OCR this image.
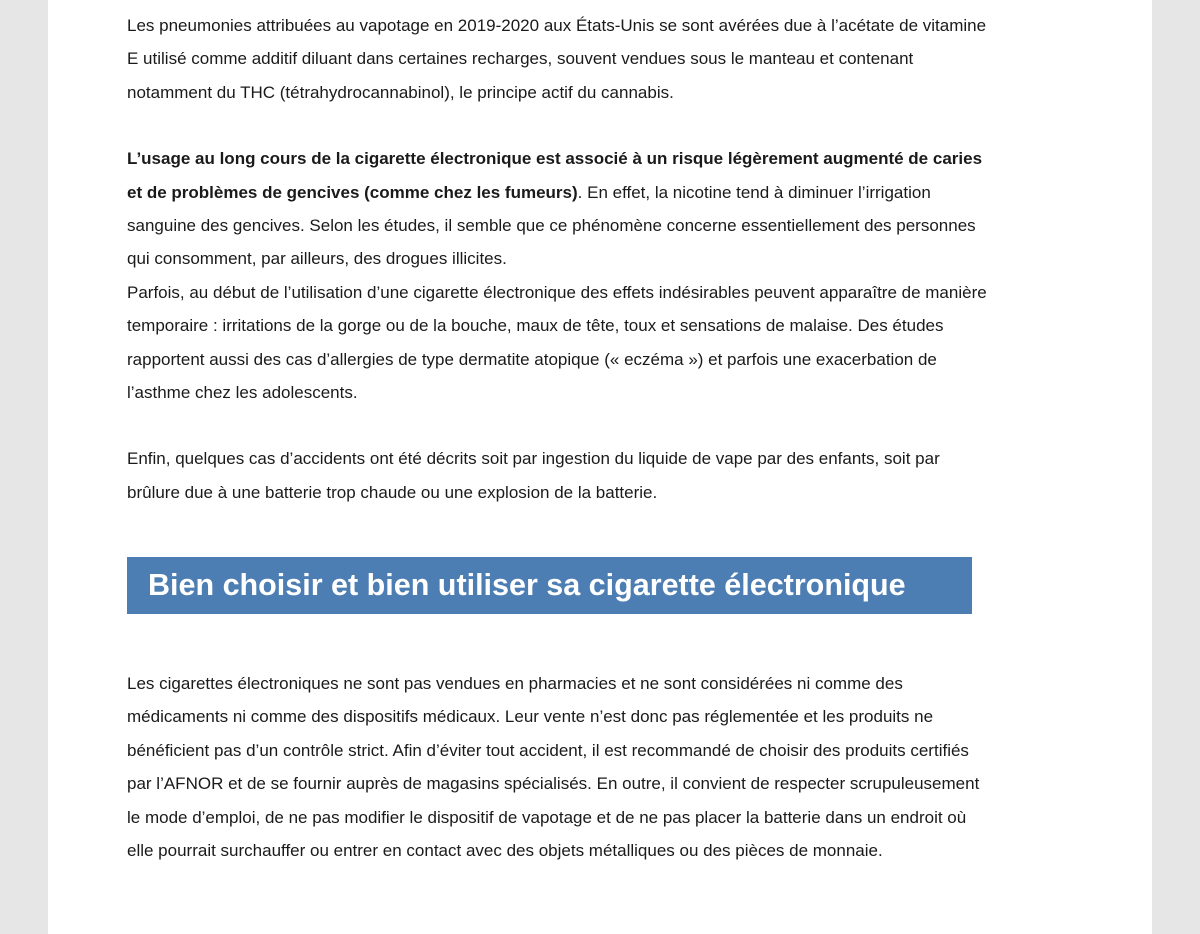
Les pneumonies attribuées au vapotage en 2019-2020 aux États-Unis se sont avérées due à l’acétate de vitamine E utilisé comme additif diluant dans certaines recharges, souvent vendues sous le manteau et contenant notamment du THC (tétrahydrocannabinol), le principe actif du cannabis.

L’usage au long cours de la cigarette électronique est associé à un risque légèrement augmenté de caries et de problèmes de gencives (comme chez les fumeurs). En effet, la nicotine tend à diminuer l’irrigation sanguine des gencives. Selon les études, il semble que ce phénomène concerne essentiellement des personnes qui consomment, par ailleurs, des drogues illicites.

Parfois, au début de l’utilisation d’une cigarette électronique des effets indésirables peuvent apparaître de manière temporaire : irritations de la gorge ou de la bouche, maux de tête, toux et sensations de malaise. Des études rapportent aussi des cas d’allergies de type dermatite atopique (« eczéma ») et parfois une exacerbation de l’asthme chez les adolescents.

Enfin, quelques cas d’accidents ont été décrits soit par ingestion du liquide de vape par des enfants, soit par brûlure due à une batterie trop chaude ou une explosion de la batterie.

Bien choisir et bien utiliser sa cigarette électronique

Les cigarettes électroniques ne sont pas vendues en pharmacies et ne sont considérées ni comme des médicaments ni comme des dispositifs médicaux. Leur vente n’est donc pas réglementée et les produits ne bénéficient pas d’un contrôle strict. Afin d’éviter tout accident, il est recommandé de choisir des produits certifiés par l’AFNOR et de se fournir auprès de magasins spécialisés. En outre, il convient de respecter scrupuleusement le mode d’emploi, de ne pas modifier le dispositif de vapotage et de ne pas placer la batterie dans un endroit où elle pourrait surchauffer ou entrer en contact avec des objets métalliques ou des pièces de monnaie.
